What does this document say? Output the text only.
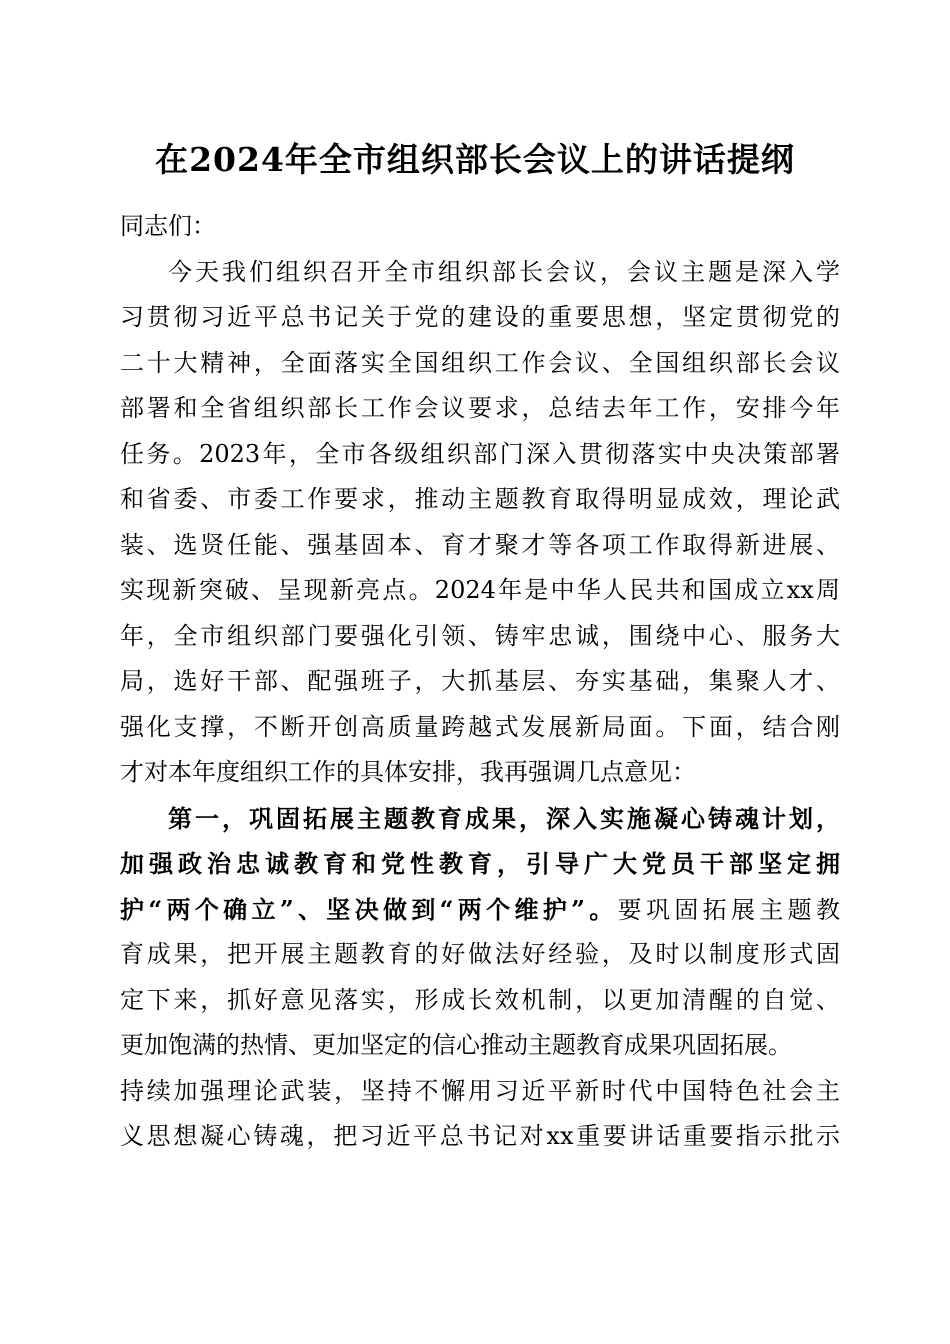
在2024年全市组织部长会议上的讲话提纲
同志们：
今天我们组织召开全市组织部长会议，会议主题是深入学
习贯彻习近平总书记关于党的建设的重要思想，坚定贯彻党的
二十大精神，全面落实全国组织工作会议、全国组织部长会议
部署和全省组织部长工作会议要求，总结去年工作，安排今年
任务。2023年，全市各级组织部门深入贯彻落实中央决策部署
和省委、市委工作要求，推动主题教育取得明显成效，理论武
装、选贤任能、强基固本、育才聚才等各项工作取得新进展、
实现新突破、呈现新亮点。2024年是中华人民共和国成立xx周
年，全市组织部门要强化引领、铸牢忠诚，围绕中心、服务大
局，选好干部、配强班子，大抓基层、夯实基础，集聚人才、
强化支撑，不断开创高质量跨越式发展新局面。下面，结合刚
才对本年度组织工作的具体安排，我再强调几点意见：
第一，巩固拓展主题教育成果，深入实施凝心铸魂计划，
加强政治忠诚教育和党性教育，引导广大党员干部坚定拥
护“两个确立”、坚决做到“两个维护”。要巩固拓展主题教
育成果，把开展主题教育的好做法好经验，及时以制度形式固
定下来，抓好意见落实，形成长效机制，以更加清醒的自觉、
更加饱满的热情、更加坚定的信心推动主题教育成果巩固拓展。
持续加强理论武装，坚持不懈用习近平新时代中国特色社会主
义思想凝心铸魂，把习近平总书记对xx重要讲话重要指示批示
